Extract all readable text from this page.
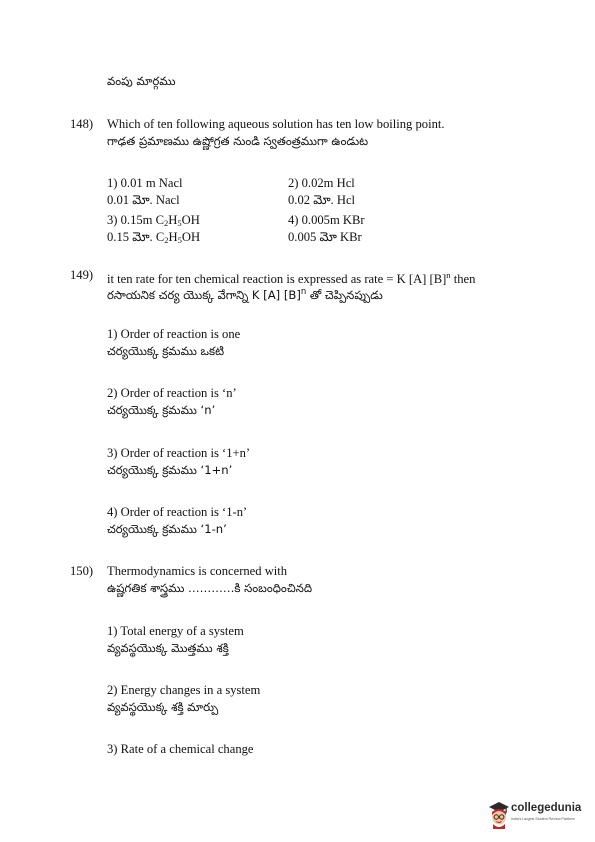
వంపు మార్గము
148) Which of ten following aqueous solution has ten low boiling point.
గాఢత ప్రమాణము ఉష్ణోగ్రత నుండి స్వతంత్రముగా ఉండుట
1) 0.01 m Nacl
0.01 మో. Nacl
2) 0.02m Hcl
0.02 మో. Hcl
3) 0.15m $C_2H_5OH$
0.15 మో. $C_2H_5OH$
4) 0.005m KBr
0.005 మో KBr
149) it ten rate for ten chemical reaction is expressed as rate = K [A] $[B]^n$ then
రసాయనిక చర్య యొక్క వేగాన్ని K [A] $[B]^n$ తో చెప్పినప్పుడు
1) Order of reaction is one
చర్యయొక్క క్రమము ఒకటి
2) Order of reaction is ‘n’
చర్యయొక్క క్రమము ‘n’
3) Order of reaction is ‘1+n’
చర్యయొక్క క్రమము ‘1+n’
4) Order of reaction is ‘1-n’
చర్యయొక్క క్రమము ‘1-n’
150) Thermodynamics is concerned with
ఉష్ణగతిక శాస్త్రము …………కి సంబంధించినది
1) Total energy of a system
వ్యవస్థయొక్క మొత్తము శక్తి
2) Energy changes in a system
వ్యవస్థయొక్క శక్తి మార్పు
3) Rate of a chemical change
collegedunia
India's Largest Student Review Platform
